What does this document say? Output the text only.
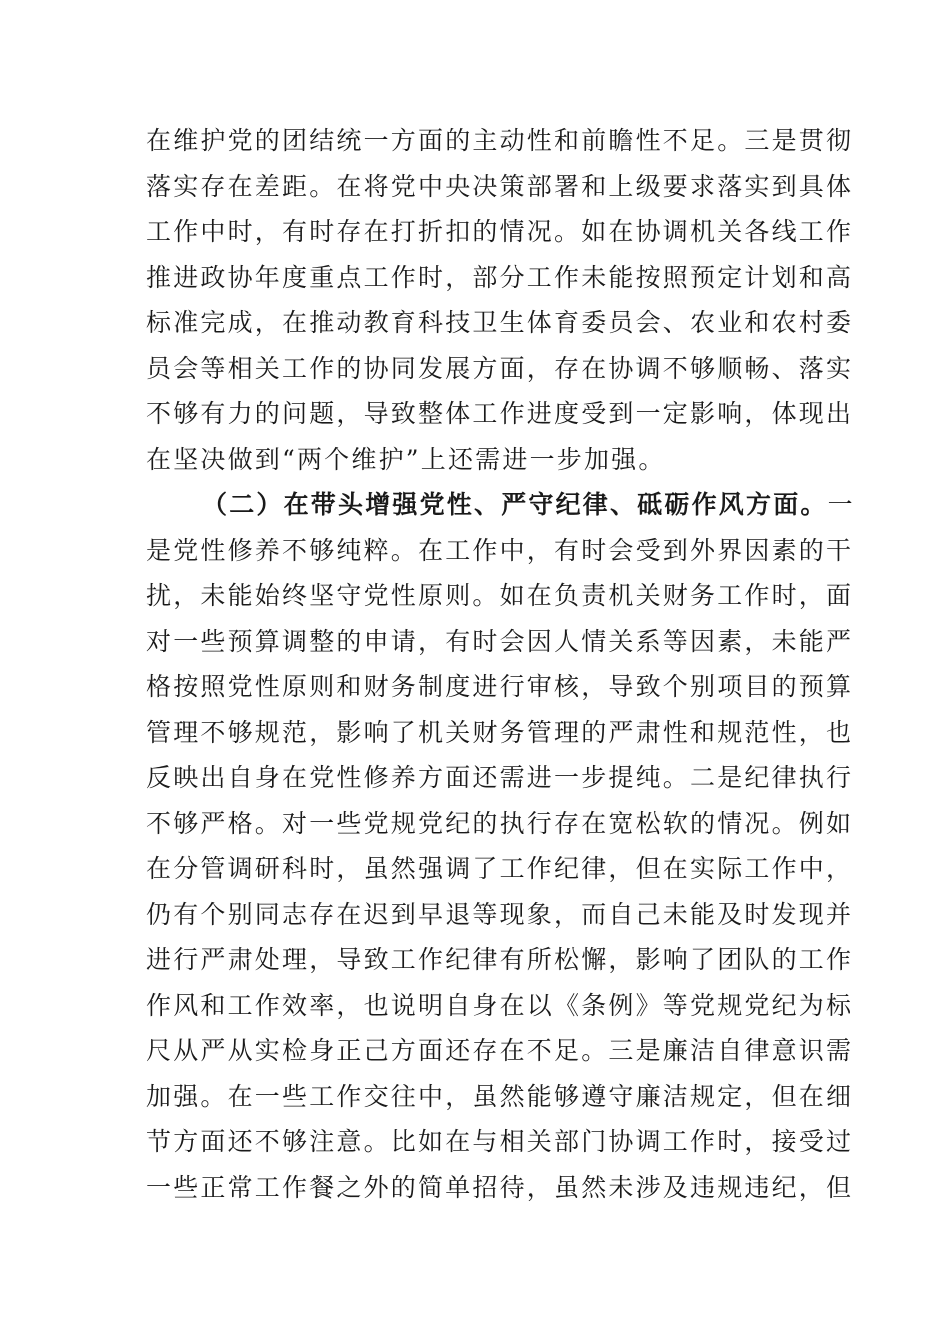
在维护党的团结统一方面的主动性和前瞻性不足。三是贯彻
落实存在差距。在将党中央决策部署和上级要求落实到具体
工作中时，有时存在打折扣的情况。如在协调机关各线工作
推进政协年度重点工作时，部分工作未能按照预定计划和高
标准完成，在推动教育科技卫生体育委员会、农业和农村委
员会等相关工作的协同发展方面，存在协调不够顺畅、落实
不够有力的问题，导致整体工作进度受到一定影响，体现出
在坚决做到“两个维护”上还需进一步加强。
（二）在带头增强党性、严守纪律、砥砺作风方面。一
是党性修养不够纯粹。在工作中，有时会受到外界因素的干
扰，未能始终坚守党性原则。如在负责机关财务工作时，面
对一些预算调整的申请，有时会因人情关系等因素，未能严
格按照党性原则和财务制度进行审核，导致个别项目的预算
管理不够规范，影响了机关财务管理的严肃性和规范性，也
反映出自身在党性修养方面还需进一步提纯。二是纪律执行
不够严格。对一些党规党纪的执行存在宽松软的情况。例如
在分管调研科时，虽然强调了工作纪律，但在实际工作中，
仍有个别同志存在迟到早退等现象，而自己未能及时发现并
进行严肃处理，导致工作纪律有所松懈，影响了团队的工作
作风和工作效率，也说明自身在以《条例》等党规党纪为标
尺从严从实检身正己方面还存在不足。三是廉洁自律意识需
加强。在一些工作交往中，虽然能够遵守廉洁规定，但在细
节方面还不够注意。比如在与相关部门协调工作时，接受过
一些正常工作餐之外的简单招待，虽然未涉及违规违纪，但
